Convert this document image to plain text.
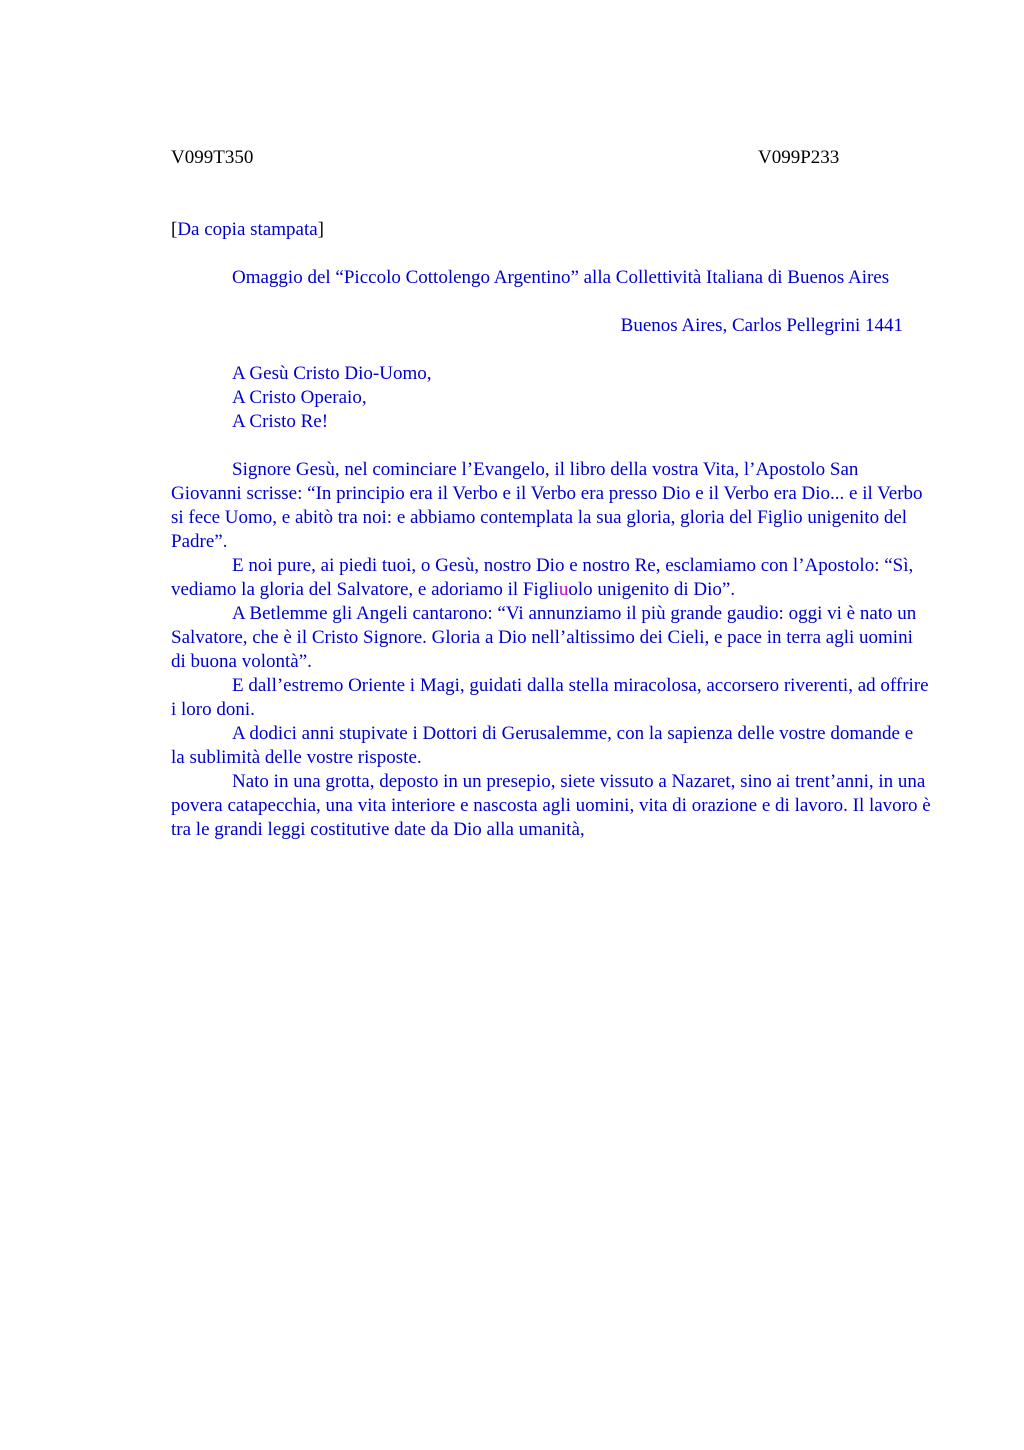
V099T350	V099P233

[Da copia stampata]

Omaggio del “Piccolo Cottolengo Argentino” alla Collettività Italiana di Buenos Aires

Buenos Aires, Carlos Pellegrini 1441

A Gesù Cristo Dio-Uomo,
A Cristo Operaio,
A Cristo Re!

Signore Gesù, nel cominciare l’Evangelo, il libro della vostra Vita, l’Apostolo San Giovanni scrisse: “In principio era il Verbo e il Verbo era presso Dio e il Verbo era Dio... e il Verbo si fece Uomo, e abitò tra noi: e abbiamo contemplata la sua gloria, gloria del Figlio unigenito del Padre”.

E noi pure, ai piedi tuoi, o Gesù, nostro Dio e nostro Re, esclamiamo con l’Apostolo: “Sì, vediamo la gloria del Salvatore, e adoriamo il Figliuolo unigenito di Dio”.

A Betlemme gli Angeli cantarono: “Vi annunziamo il più grande gaudio: oggi vi è nato un Salvatore, che è il Cristo Signore. Gloria a Dio nell’altissimo dei Cieli, e pace in terra agli uomini di buona volontà”.

E dall’estremo Oriente i Magi, guidati dalla stella miracolosa, accorsero riverenti, ad offrire i loro doni.

A dodici anni stupivate i Dottori di Gerusalemme, con la sapienza delle vostre domande e la sublimità delle vostre risposte.

Nato in una grotta, deposto in un presepio, siete vissuto a Nazaret, sino ai trent’anni, in una povera catapecchia, una vita interiore e nascosta agli uomini, vita di orazione e di lavoro. Il lavoro è tra le grandi leggi costitutive date da Dio alla umanità,
